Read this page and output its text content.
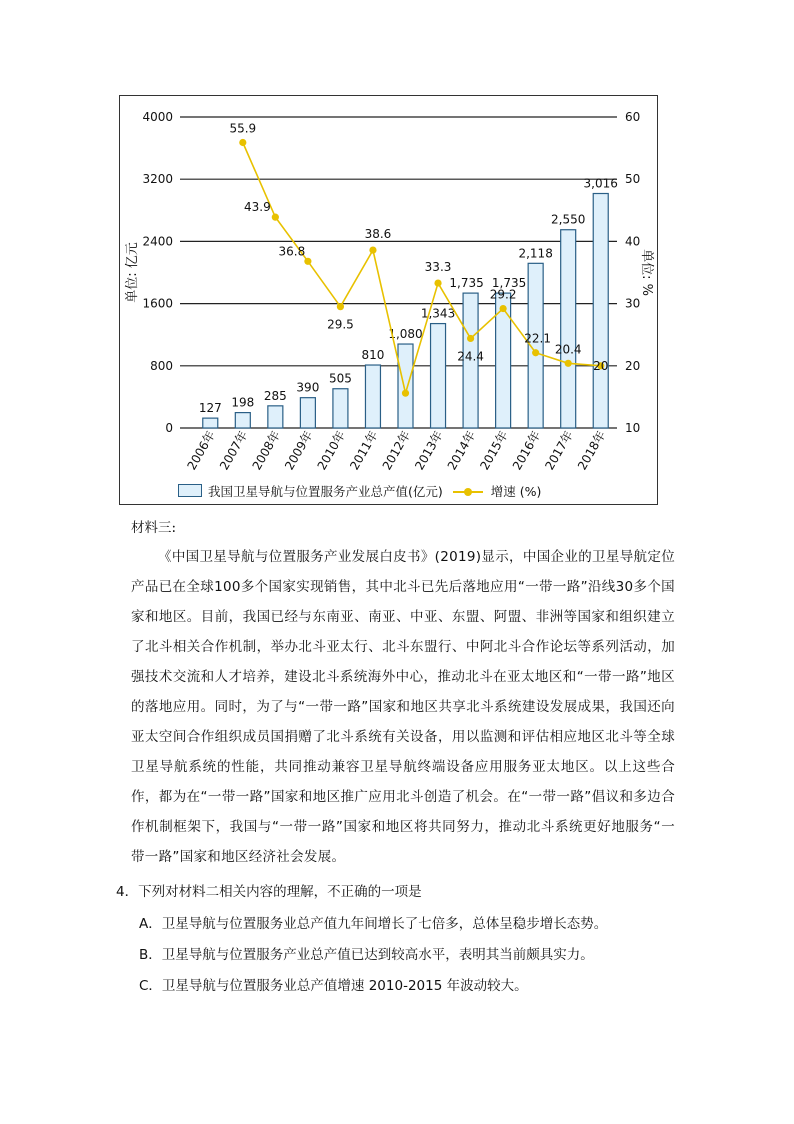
0	10
800	20
1600	30
2400	40
3200	50
4000	60
单位: 亿元	单位: %
127 198 285
390
505
810
1,080
1,343
1,735 1,735
2,118
2,550
3,016
55.9
43.9
36.8
29.5
38.6
33.3
24.4
29.2
22.1
20.4
20
2006年 2007年 2008年 2009年 2010年 2011年 2012年 2013年 2014年 2015年 2016年 2017年 2018年
我国卫星导航与位置服务产业总产值(亿元)	增速 (%)
材料三:
《中国卫星导航与位置服务产业发展白皮书》(2019)显示，中国企业的卫星导航定位产品已在全球100多个国家实现销售，其中北斗已先后落地应用“一带一路”沿线30多个国家和地区。目前，我国已经与东南亚、南亚、中亚、东盟、阿盟、非洲等国家和组织建立了北斗相关合作机制，举办北斗亚太行、北斗东盟行、中阿北斗合作论坛等系列活动，加强技术交流和人才培养，建设北斗系统海外中心，推动北斗在亚太地区和“一带一路”地区的落地应用。同时，为了与“一带一路”国家和地区共享北斗系统建设发展成果，我国还向亚太空间合作组织成员国捐赠了北斗系统有关设备，用以监测和评估相应地区北斗等全球卫星导航系统的性能，共同推动兼容卫星导航终端设备应用服务亚太地区。以上这些合作，都为在“一带一路”国家和地区推广应用北斗创造了机会。在“一带一路”倡议和多边合作机制框架下，我国与“一带一路”国家和地区将共同努力，推动北斗系统更好地服务“一带一路”国家和地区经济社会发展。
4．下列对材料二相关内容的理解，不正确的一项是
A．卫星导航与位置服务业总产值九年间增长了七倍多，总体呈稳步增长态势。
B．卫星导航与位置服务产业总产值已达到较高水平，表明其当前颇具实力。
C．卫星导航与位置服务业总产值增速 2010-2015 年波动较大。
